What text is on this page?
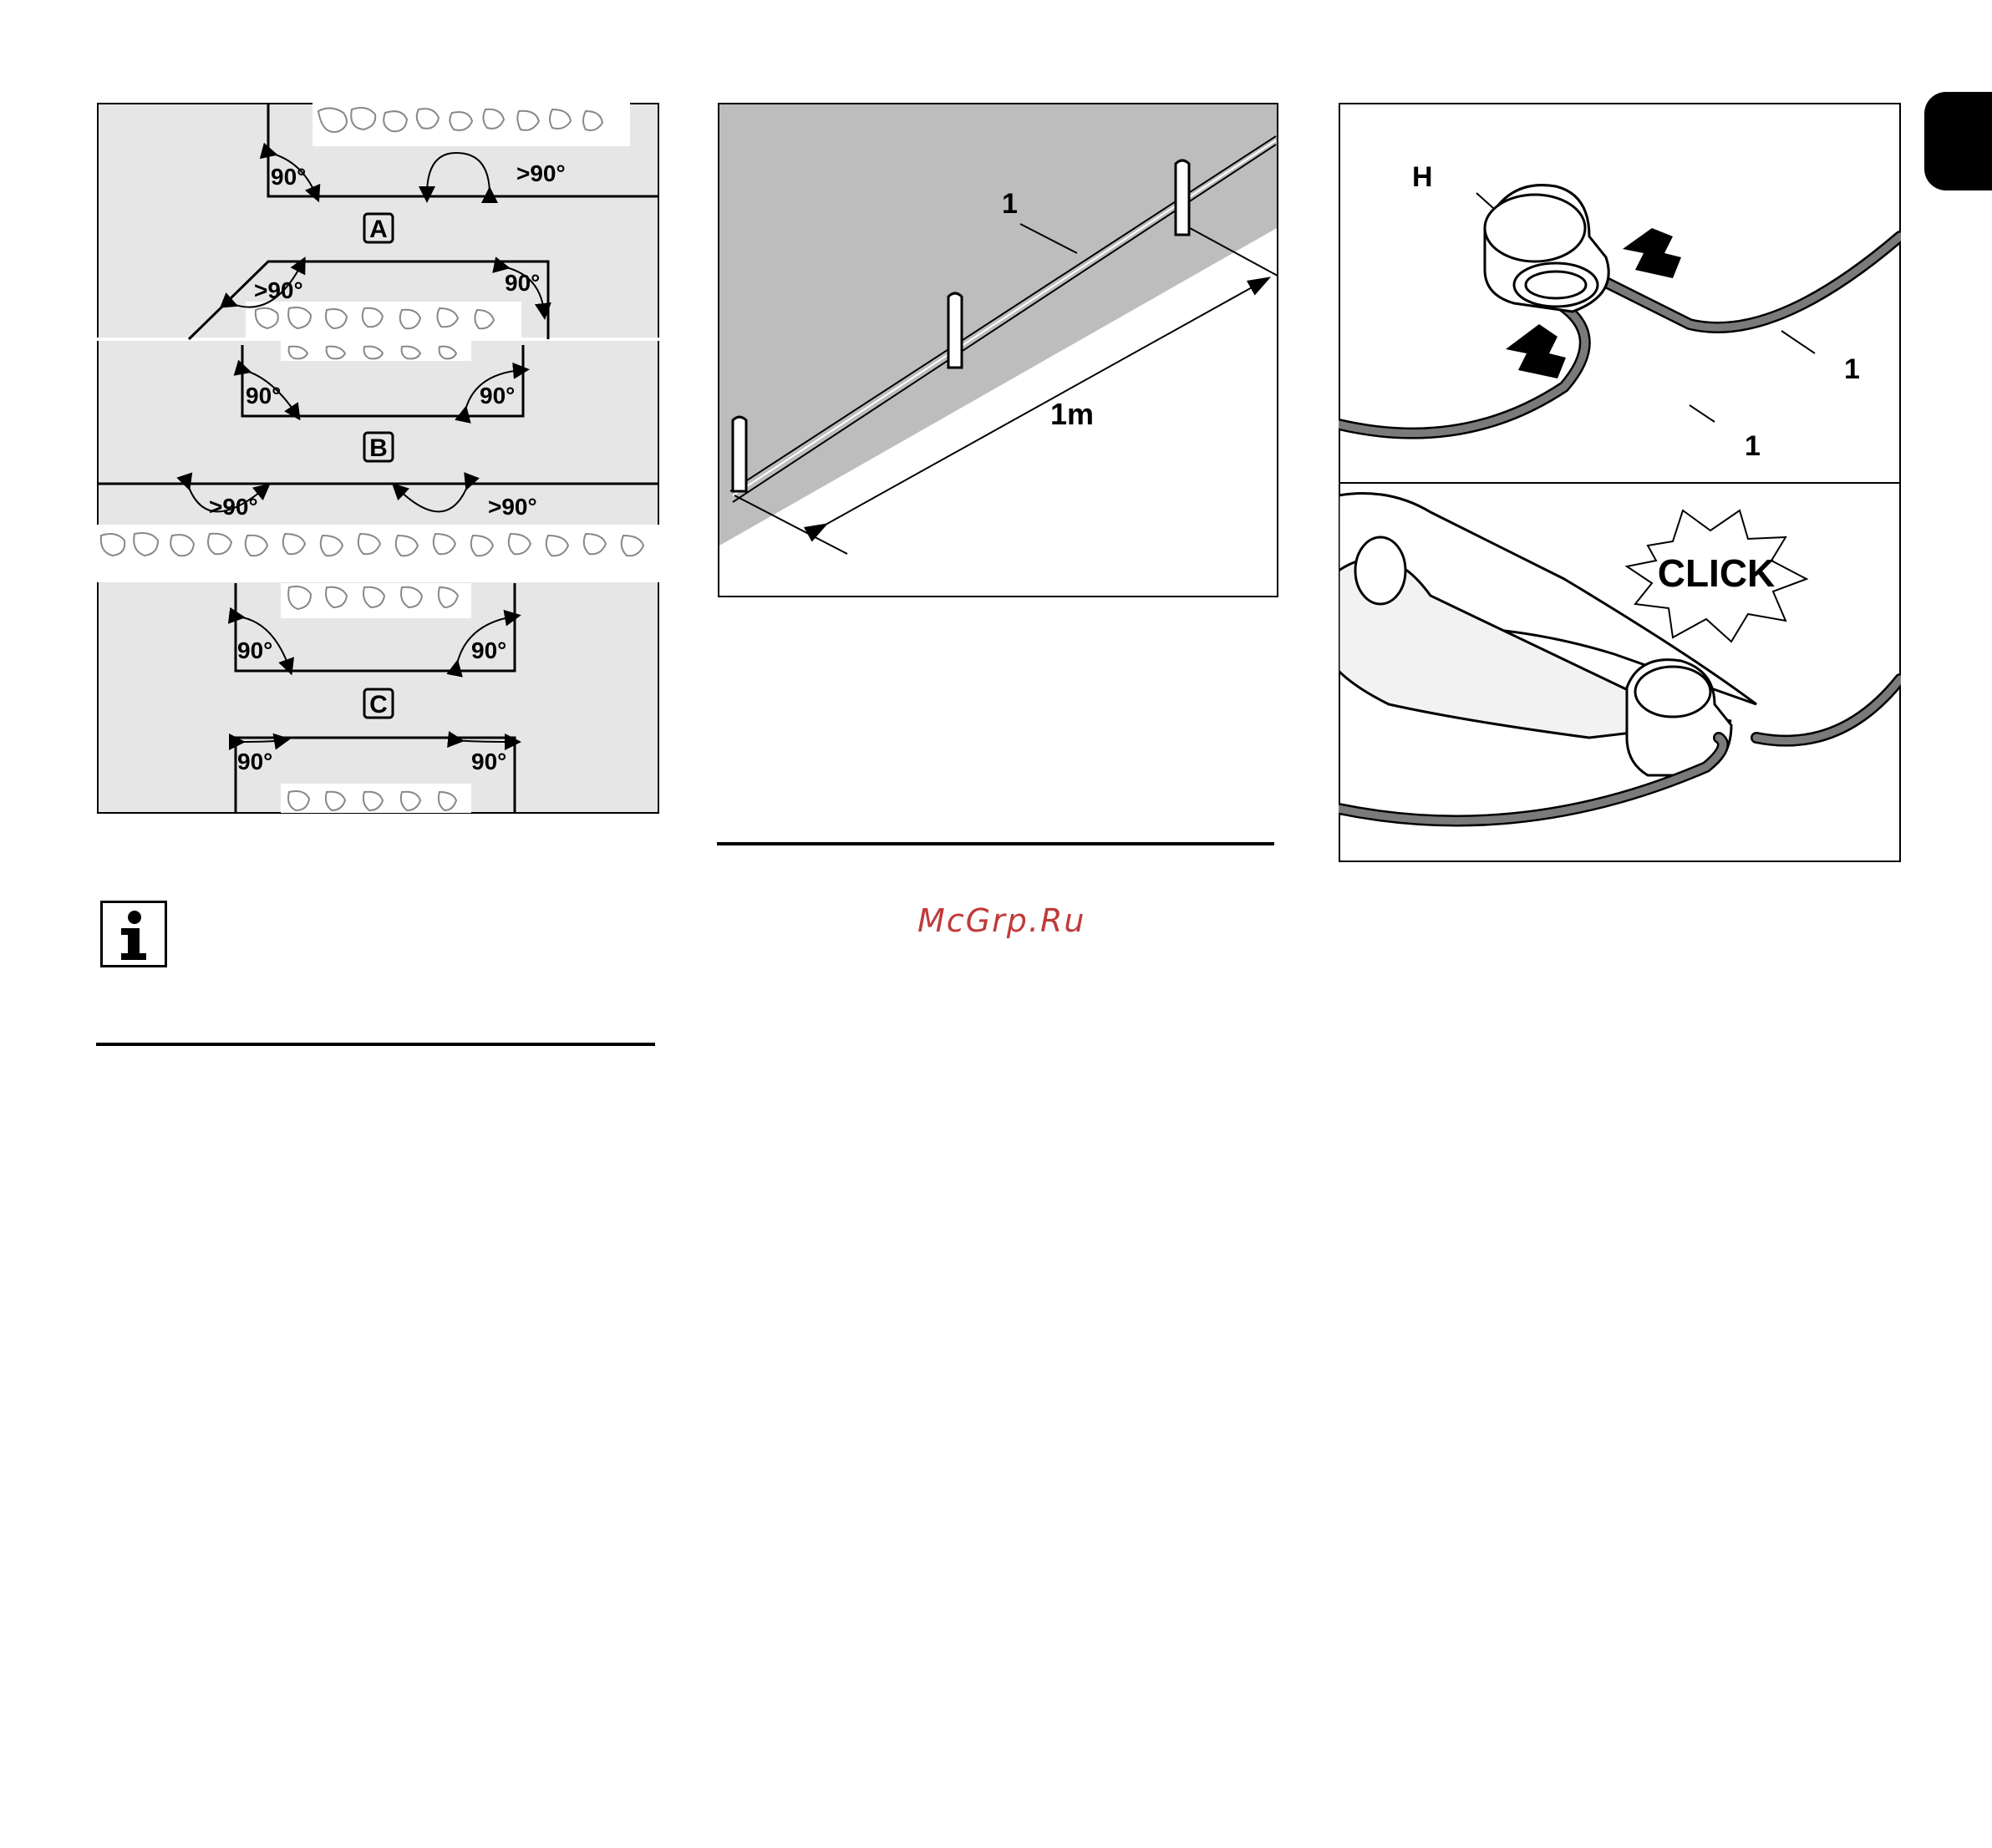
90°	>90°
>90°	90°
90°	90°
>90°	>90°
90°	90°
90°	90°
A
B
C
1
1m
H
1
1
CLICK
McGrp.Ru
